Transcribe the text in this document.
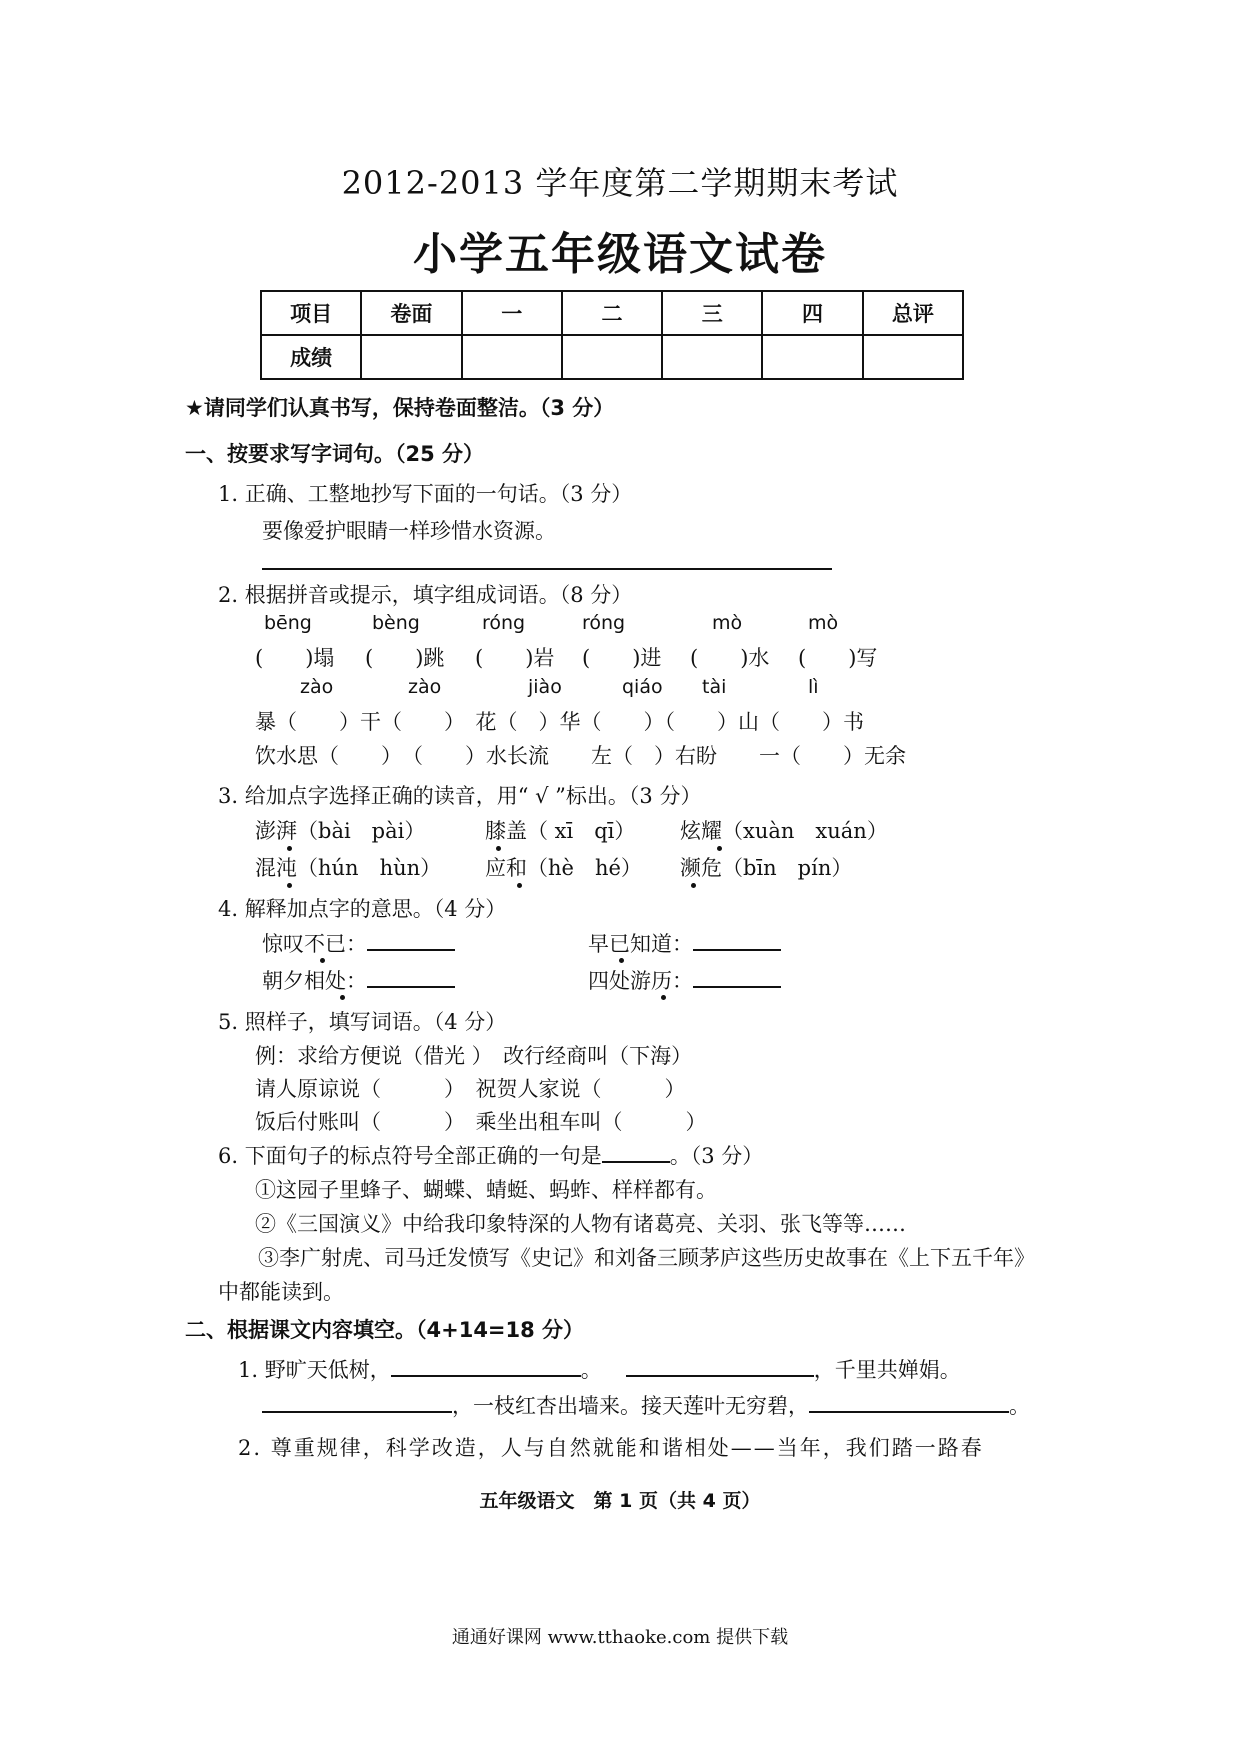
2012-2013 学年度第二学期期末考试
小学五年级语文试卷
项目	卷面	一	二	三	四	总评
成绩						
★请同学们认真书写，保持卷面整洁。（3 分）
一、按要求写字词句。（25 分）
1. 正确、工整地抄写下面的一句话。（3 分）
要像爱护眼睛一样珍惜水资源。
2. 根据拼音或提示，填字组成词语。（8 分）
bēng	bèng	róng	róng	mò	mò
(　　)塌 (　　)跳 (　　)岩 (　　)进 (　　)水 (　　)写
zào	zào	jiào	qiáo tài	lì
暴（　　）干（　　）　花（　）华（　　）（　　）山（　　）书
饮水思（　　）　（　　）水长流　　左（　）右盼　　一（　　）无余
3. 给加点字选择正确的读音，用“ √ ”标出。（3 分）
澎湃（bài　pài）	膝盖（ xī　qī） 炫耀（xuàn　xuán）
混沌（hún　hùn） 应和（hè　hé） 濒危（bīn　pín）
4. 解释加点字的意思。（4 分）
惊叹不已：	早已知道：
朝夕相处：	四处游历：
5. 照样子，填写词语。（4 分）
例：求给方便说（借光 ）　改行经商叫（下海）
请人原谅说（　　　）　祝贺人家说（　　　）
饭后付账叫（　　　）　乘坐出租车叫（　　　）
6. 下面句子的标点符号全部正确的一句是	。（3 分）
①这园子里蜂子、蝴蝶、蜻蜓、蚂蚱、样样都有。
②《三国演义》中给我印象特深的人物有诸葛亮、关羽、张飞等等……
③李广射虎、司马迁发愤写《史记》和刘备三顾茅庐这些历史故事在《上下五千年》
中都能读到。
二、根据课文内容填空。（4+14=18 分）
1. 野旷天低树，	。	，千里共婵娟。
，一枝红杏出墙来。接天莲叶无穷碧，	。
2. 尊重规律，科学改造，人与自然就能和谐相处——当年，我们踏一路春
五年级语文　第 1 页（共 4 页）
通通好课网 www.tthaoke.com 提供下载
